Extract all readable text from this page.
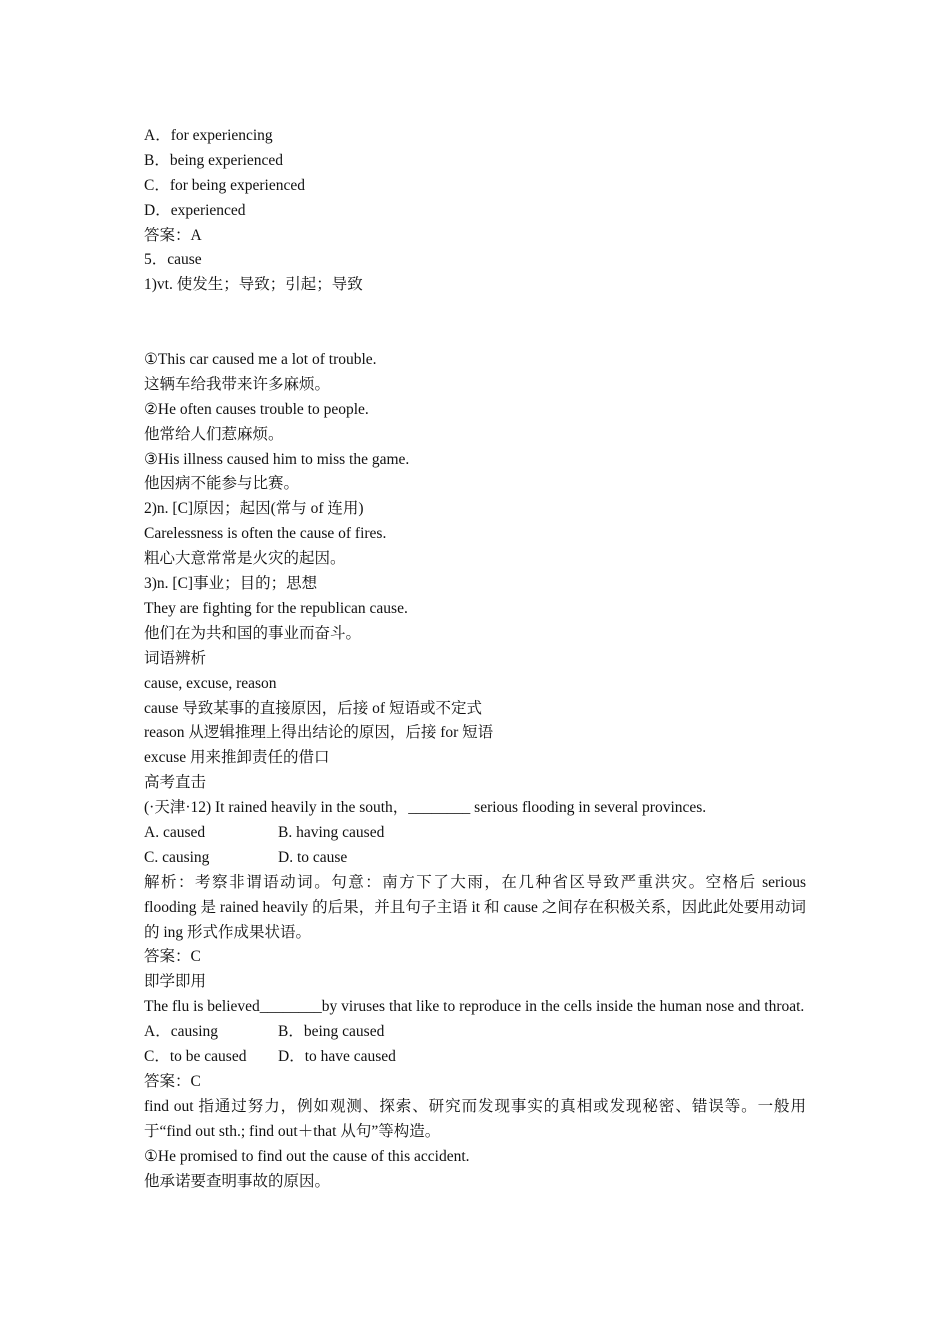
A．for experiencing
B．being experienced
C．for being experienced
D．experienced
答案：A
5．cause
1)vt. 使发生；导致；引起；导致
①This car caused me a lot of trouble.
这辆车给我带来许多麻烦。
②He often causes trouble to people.
他常给人们惹麻烦。
③His illness caused him to miss the game.
他因病不能参与比赛。
2)n. [C]原因；起因(常与 of 连用)
Carelessness is often the cause of fires.
粗心大意常常是火灾的起因。
3)n. [C]事业；目的；思想
They are fighting for the republican cause.
他们在为共和国的事业而奋斗。
词语辨析
cause, excuse, reason
cause 导致某事的直接原因，后接 of 短语或不定式
reason 从逻辑推理上得出结论的原因，后接 for 短语
excuse 用来推卸责任的借口
高考直击
(·天津·12) It rained heavily in the south，________ serious flooding in several provinces.
A. caused	B. having caused
C. causing	D. to cause
解析：考察非谓语动词。句意：南方下了大雨，在几种省区导致严重洪灾。空格后 serious flooding 是 rained heavily 的后果，并且句子主语 it 和 cause 之间存在积极关系，因此此处要用动词的 ing 形式作成果状语。
答案：C
即学即用
The flu is believed________by viruses that like to reproduce in the cells inside the human nose and throat.
A．causing	B．being caused
C．to be caused	D．to have caused
答案：C
find out 指通过努力，例如观测、探索、研究而发现事实的真相或发现秘密、错误等。一般用于“find out sth.; find out＋that 从句”等构造。
①He promised to find out the cause of this accident.
他承诺要查明事故的原因。
